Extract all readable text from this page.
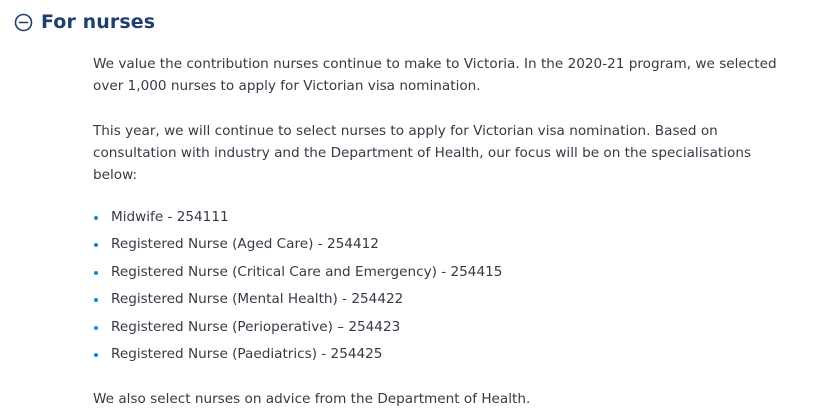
For nurses

We value the contribution nurses continue to make to Victoria. In the 2020-21 program, we selected over 1,000 nurses to apply for Victorian visa nomination.

This year, we will continue to select nurses to apply for Victorian visa nomination. Based on consultation with industry and the Department of Health, our focus will be on the specialisations below:

Midwife - 254111
Registered Nurse (Aged Care) - 254412
Registered Nurse (Critical Care and Emergency) - 254415
Registered Nurse (Mental Health) - 254422
Registered Nurse (Perioperative) – 254423
Registered Nurse (Paediatrics) - 254425

We also select nurses on advice from the Department of Health.
